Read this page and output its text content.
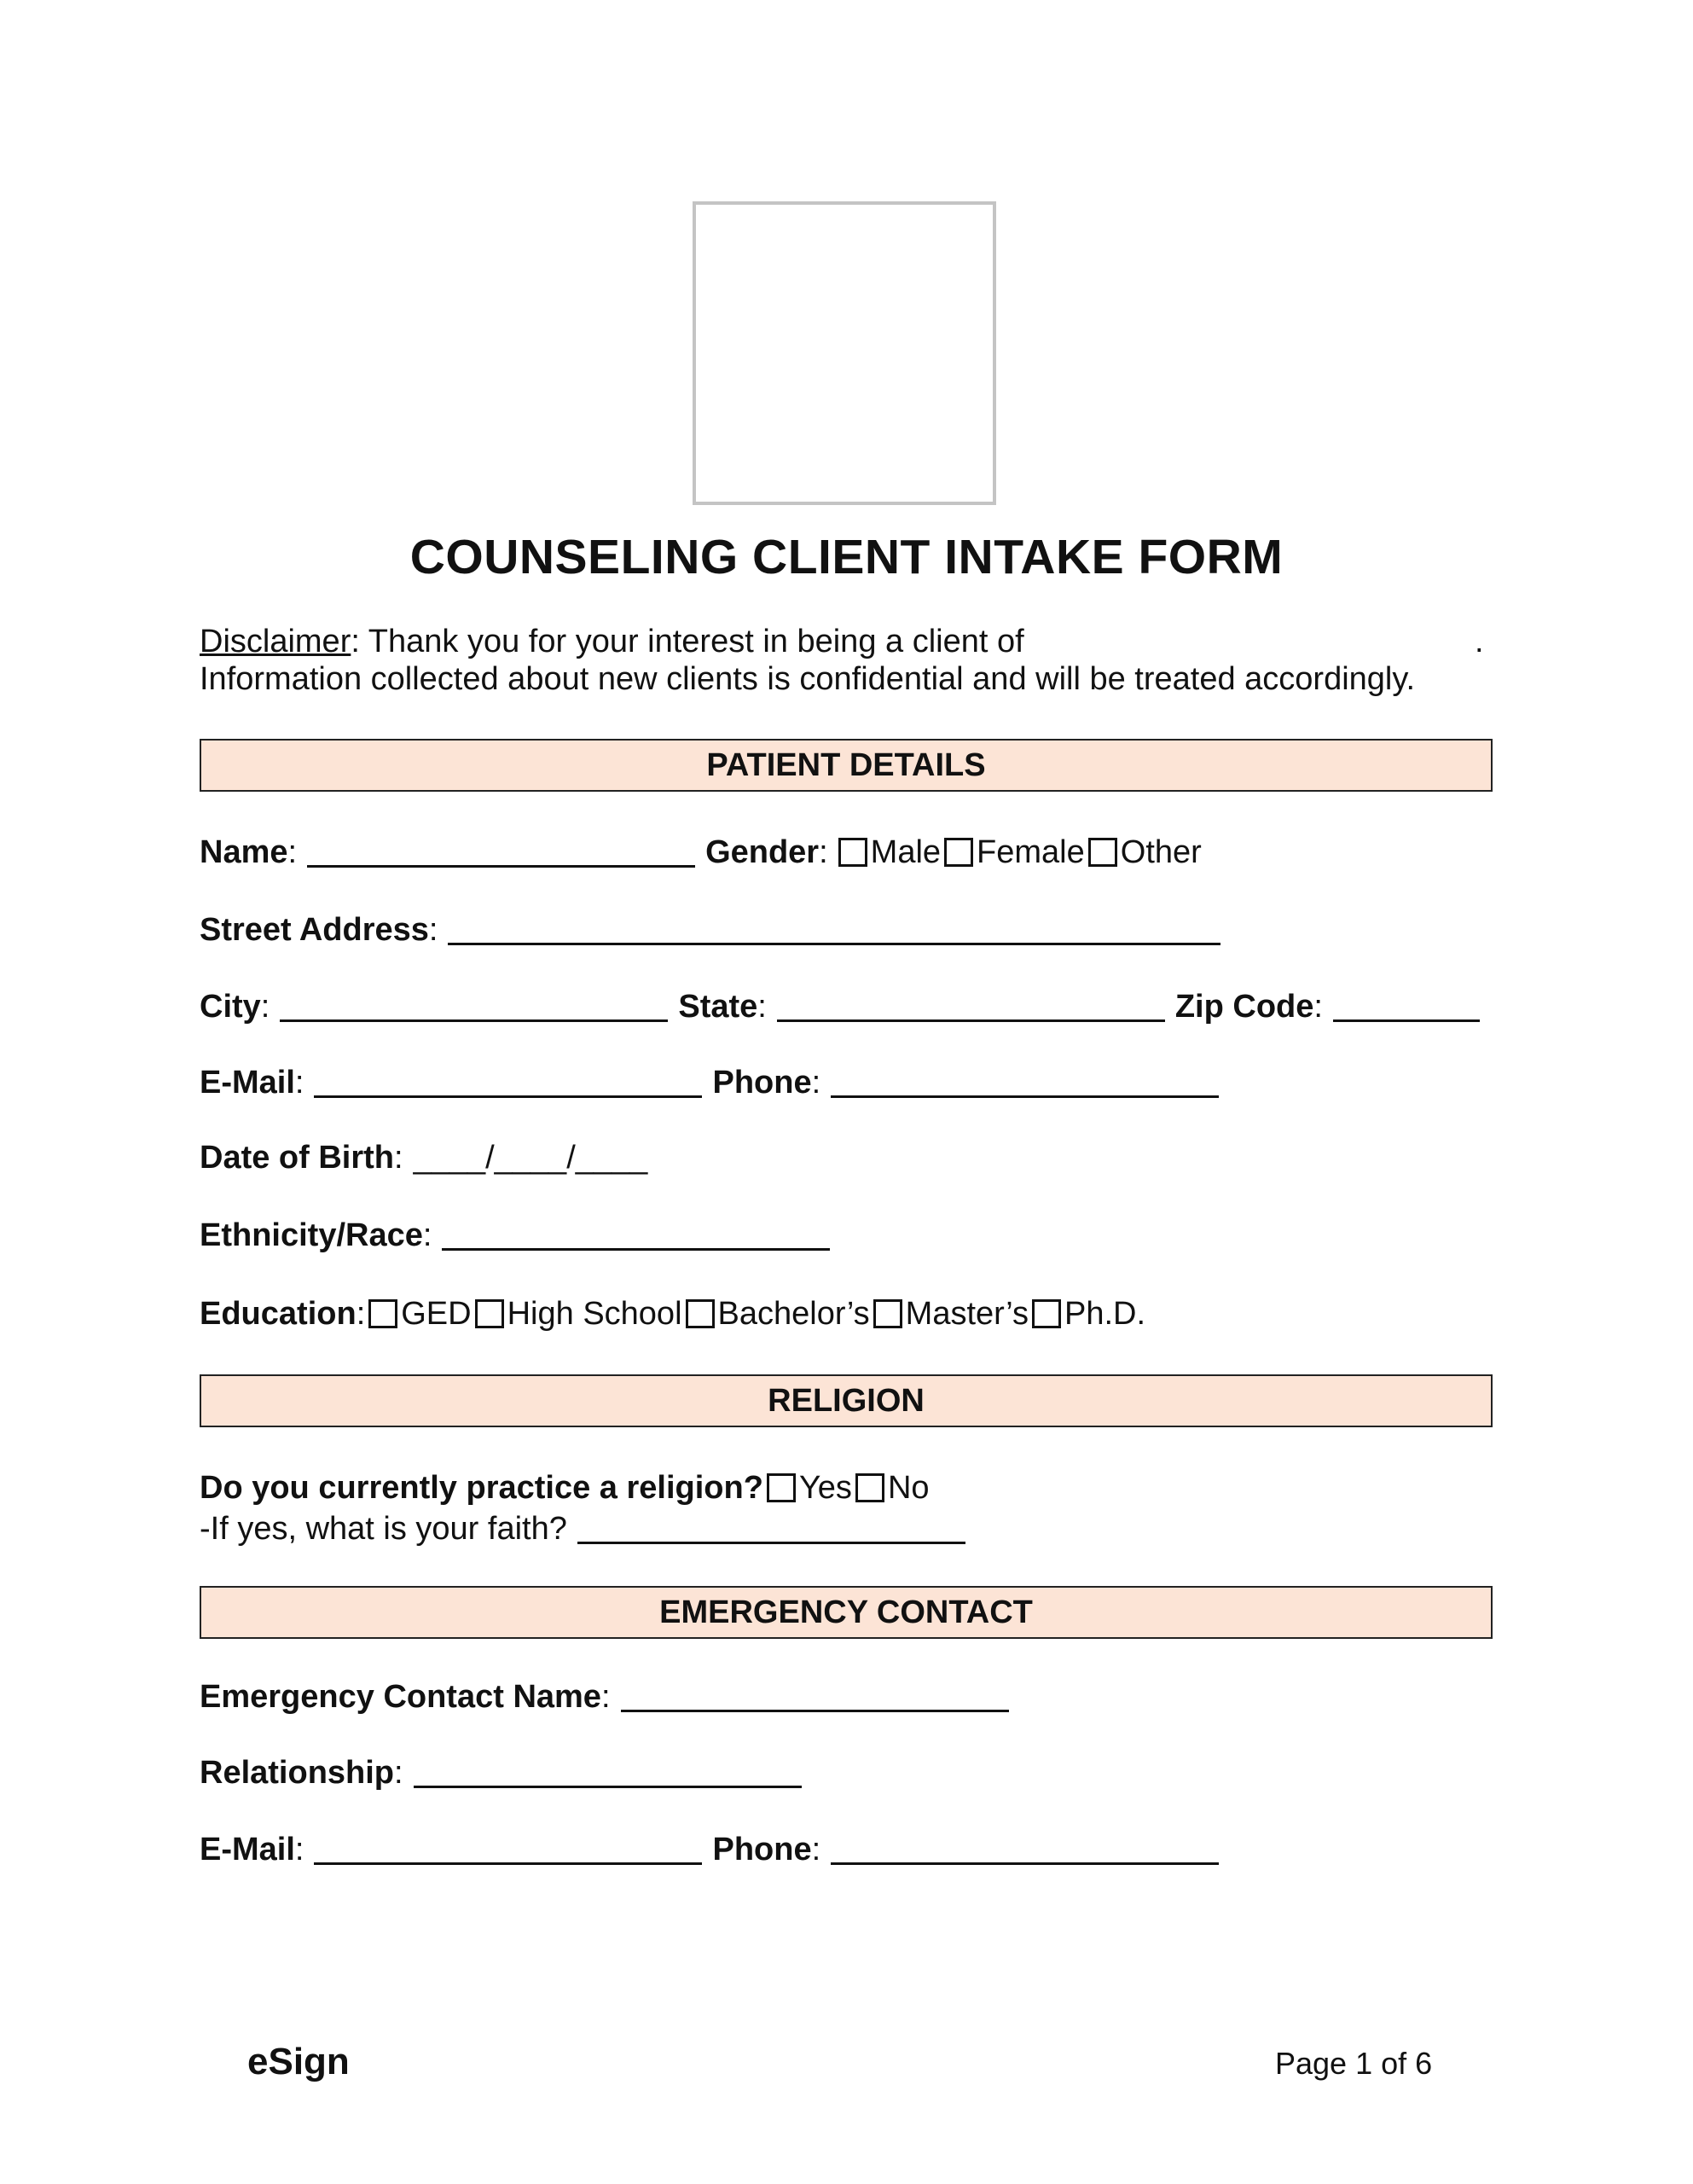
COUNSELING CLIENT INTAKE FORM
Disclaimer: Thank you for your interest in being a client of	.
Information collected about new clients is confidential and will be treated accordingly.
PATIENT DETAILS
Name :	Gender : Male Female Other
Street Address :
City :	State :	Zip Code :
E-Mail :	Phone :
Date of Birth : ____/____/____
Ethnicity/Race :
Education : GED High School Bachelor’s Master’s Ph.D.
RELIGION
Do you currently practice a religion? Yes No
-If yes, what is your faith?
EMERGENCY CONTACT
Emergency Contact Name :
Relationship :
E-Mail :	Phone :
eSign	Page 1 of 6
